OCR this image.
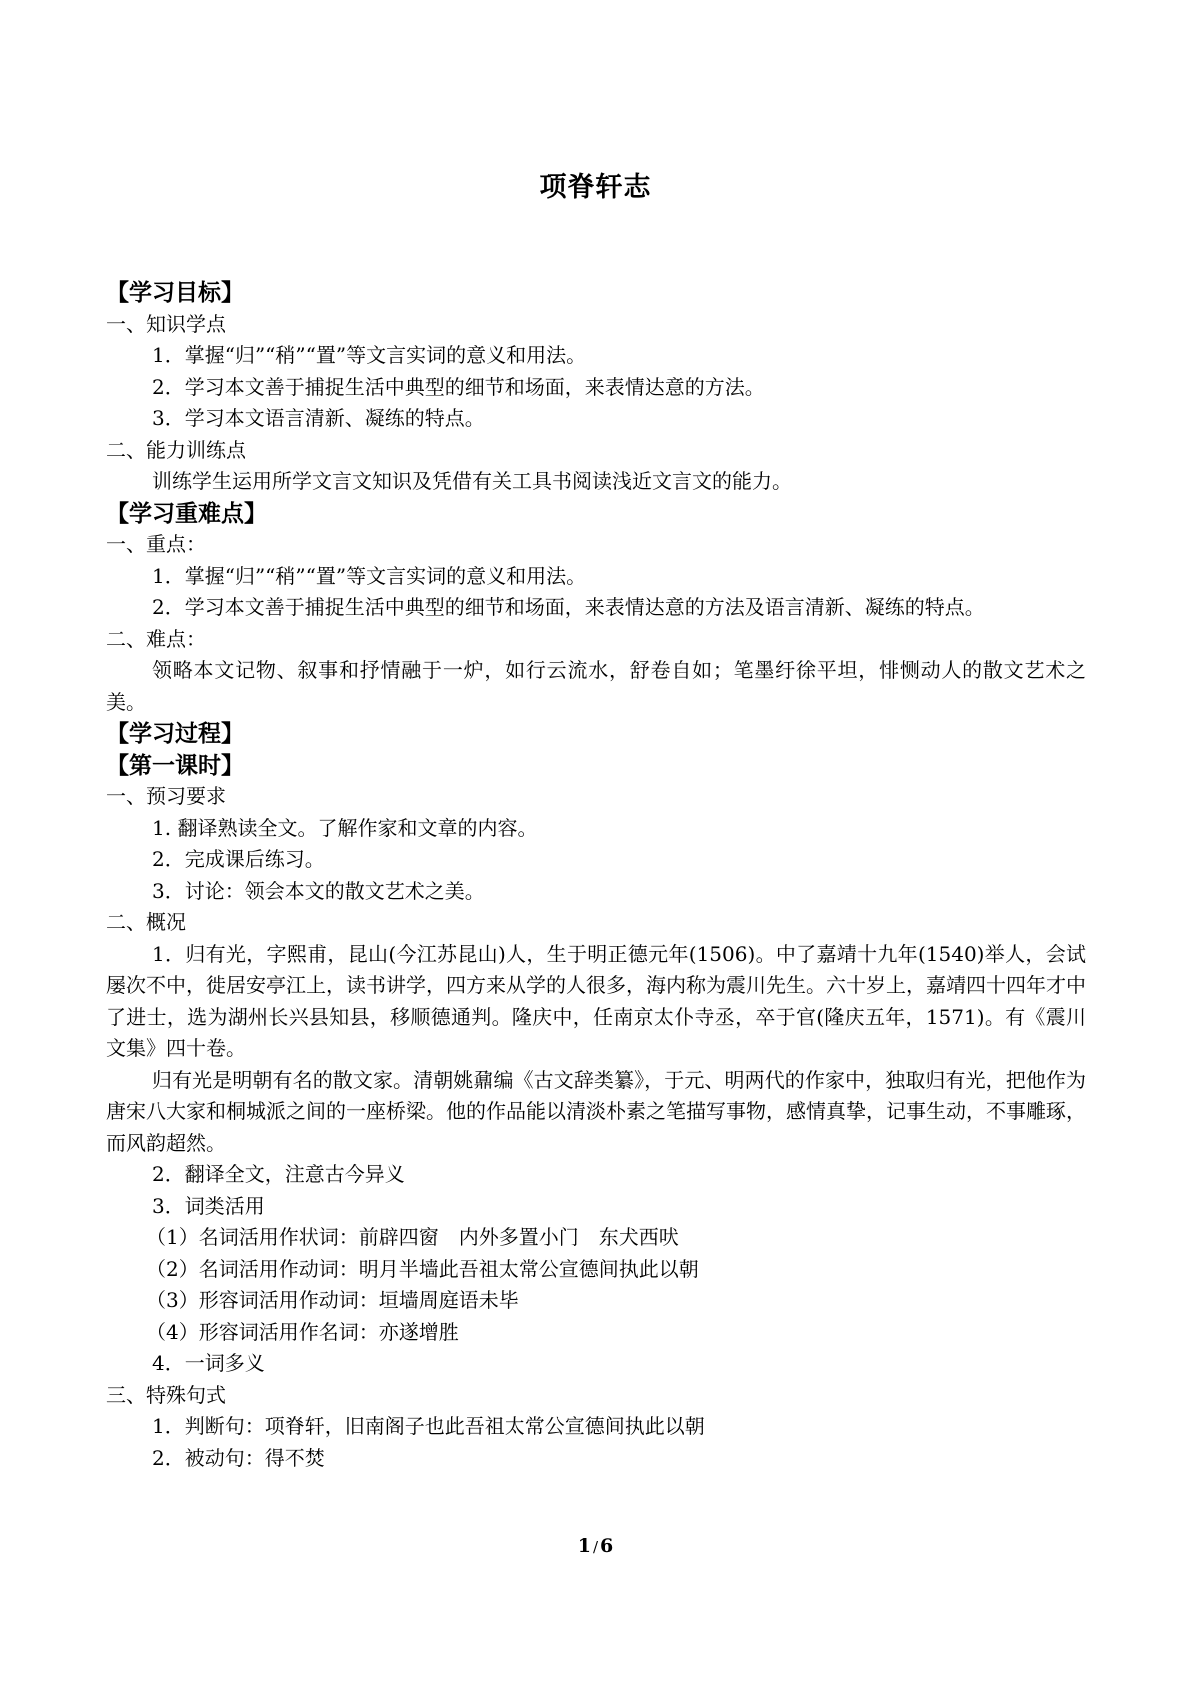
项脊轩志

【学习目标】

一、知识学点

1．掌握“归”“稍”“置”等文言实词的意义和用法。

2．学习本文善于捕捉生活中典型的细节和场面，来表情达意的方法。

3．学习本文语言清新、凝练的特点。

二、能力训练点

训练学生运用所学文言文知识及凭借有关工具书阅读浅近文言文的能力。

【学习重难点】

一、重点：

1．掌握“归”“稍”“置”等文言实词的意义和用法。

2．学习本文善于捕捉生活中典型的细节和场面，来表情达意的方法及语言清新、凝练的特点。

二、难点：

领略本文记物、叙事和抒情融于一炉，如行云流水，舒卷自如；笔墨纡徐平坦，悱恻动人的散文艺术之美。

【学习过程】

【第一课时】

一、预习要求

1. 翻译熟读全文。了解作家和文章的内容。

2．完成课后练习。

3．讨论：领会本文的散文艺术之美。

二、概况

1．归有光，字熙甫，昆山(今江苏昆山)人，生于明正德元年(1506)。中了嘉靖十九年(1540)举人，会试屡次不中，徙居安亭江上，读书讲学，四方来从学的人很多，海内称为震川先生。六十岁上，嘉靖四十四年才中了进士，选为湖州长兴县知县，移顺德通判。隆庆中，任南京太仆寺丞，卒于官(隆庆五年，1571)。有《震川文集》四十卷。

归有光是明朝有名的散文家。清朝姚鼐编《古文辞类纂》，于元、明两代的作家中，独取归有光，把他作为唐宋八大家和桐城派之间的一座桥梁。他的作品能以清淡朴素之笔描写事物，感情真挚，记事生动，不事雕琢，而风韵超然。

2．翻译全文，注意古今异义

3．词类活用

（1）名词活用作状词：前辟四窗　内外多置小门　东犬西吠

（2）名词活用作动词：明月半墙此吾祖太常公宣德间执此以朝

（3）形容词活用作动词：垣墙周庭语未毕

（4）形容词活用作名词：亦遂增胜

4．一词多义

三、特殊句式

1．判断句：项脊轩，旧南阁子也此吾祖太常公宣德间执此以朝

2．被动句：得不焚

1 / 6
